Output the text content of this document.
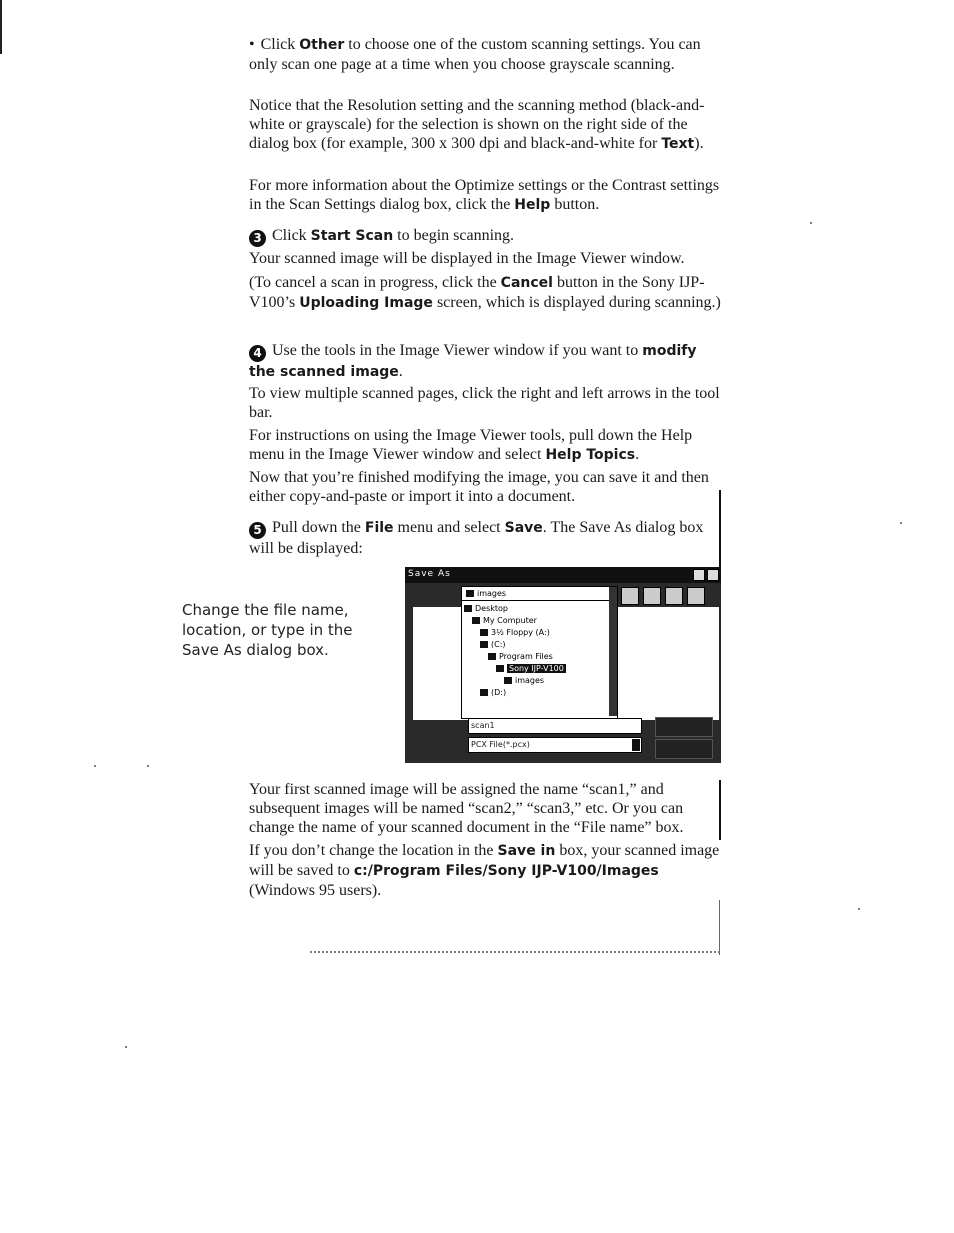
• Click Other to choose one of the custom scanning settings. You can only scan one page at a time when you choose grayscale scanning.

Notice that the Resolution setting and the scanning method (black-and-white or grayscale) for the selection is shown on the right side of the dialog box (for example, 300 x 300 dpi and black-and-white for Text).

For more information about the Optimize settings or the Contrast settings in the Scan Settings dialog box, click the Help button.

3 Click Start Scan to begin scanning.

Your scanned image will be displayed in the Image Viewer window.

(To cancel a scan in progress, click the Cancel button in the Sony IJP-V100’s Uploading Image screen, which is displayed during scanning.)

4 Use the tools in the Image Viewer window if you want to modify the scanned image.

To view multiple scanned pages, click the right and left arrows in the tool bar.

For instructions on using the Image Viewer tools, pull down the Help menu in the Image Viewer window and select Help Topics.

Now that you’re finished modifying the image, you can save it and then either copy-and-paste or import it into a document.

5 Pull down the File menu and select Save. The Save As dialog box will be displayed:

Change the file name, location, or type in the Save As dialog box.
Save As
images
Desktop
My Computer
3½ Floppy (A:)
(C:)
Program Files
Sony IJP-V100
images
(D:)
scan1
PCX File(*.pcx)

Your first scanned image will be assigned the name “scan1,” and subsequent images will be named “scan2,” “scan3,” etc. Or you can change the name of your scanned document in the “File name” box.

If you don’t change the location in the Save in box, your scanned image will be saved to c:/Program Files/Sony IJP-V100/Images (Windows 95 users).
